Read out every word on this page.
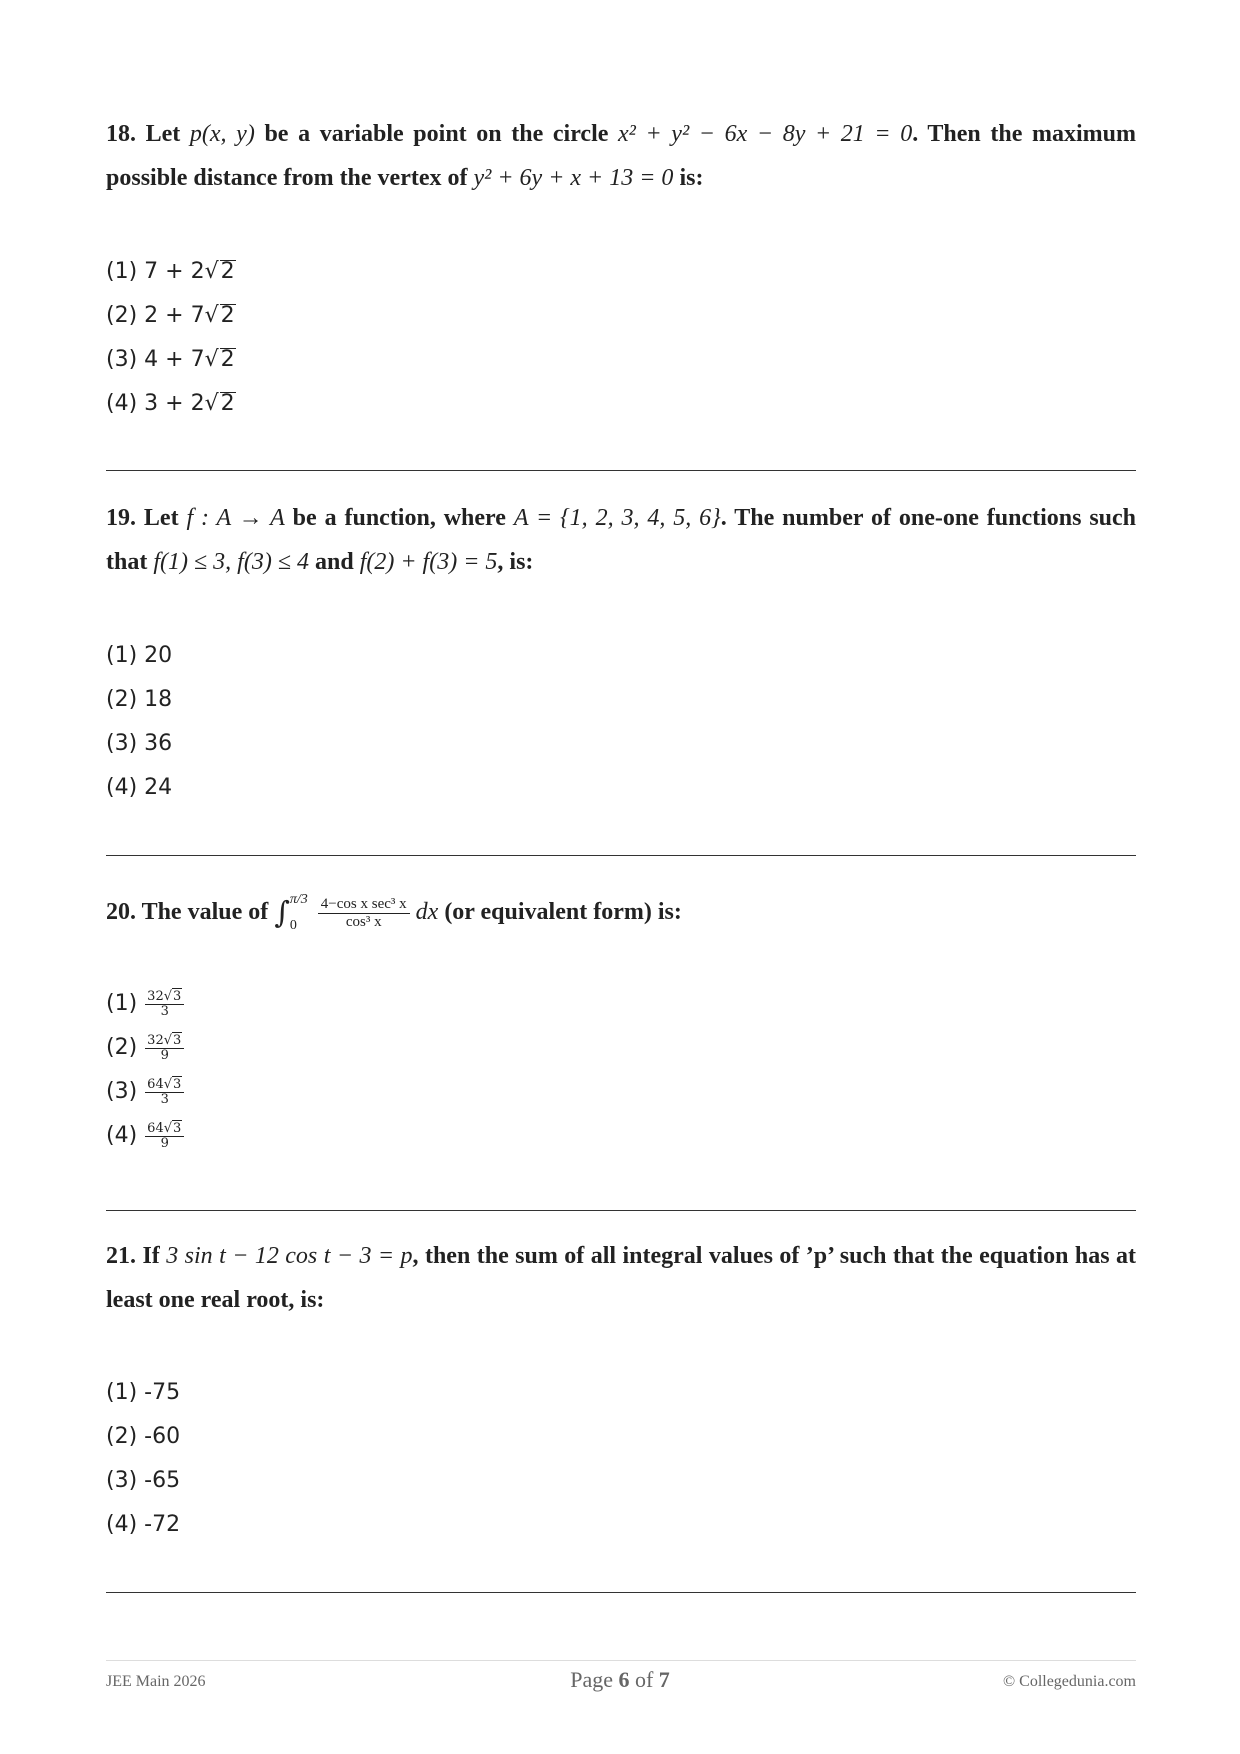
18. Let p(x, y) be a variable point on the circle x² + y² − 6x − 8y + 21 = 0. Then the maximum possible distance from the vertex of y² + 6y + x + 13 = 0 is:

(1) 7 + 2√2
(2) 2 + 7√2
(3) 4 + 7√2
(4) 3 + 2√2

19. Let f : A → A be a function, where A = {1, 2, 3, 4, 5, 6}. The number of one-one functions such that f(1) ≤ 3, f(3) ≤ 4 and f(2) + f(3) = 5, is:

(1) 20
(2) 18
(3) 36
(4) 24

20. The value of ∫ π/3
0

4−cos x sec³ x
cos³ x dx (or equivalent form) is:

$(1) \frac{32√3}{3}$
$(2) \frac{32√3}{9}$
$(3) \frac{64√3}{3}$
$(4) \frac{64√3}{9}$

21. If 3 sin t − 12 cos t − 3 = p, then the sum of all integral values of ’p’ such that the equation has at least one real root, is:

(1) -75
(2) -60
(3) -65
(4) -72
JEE Main 2026	Page 6 of 7	© Collegedunia.com
